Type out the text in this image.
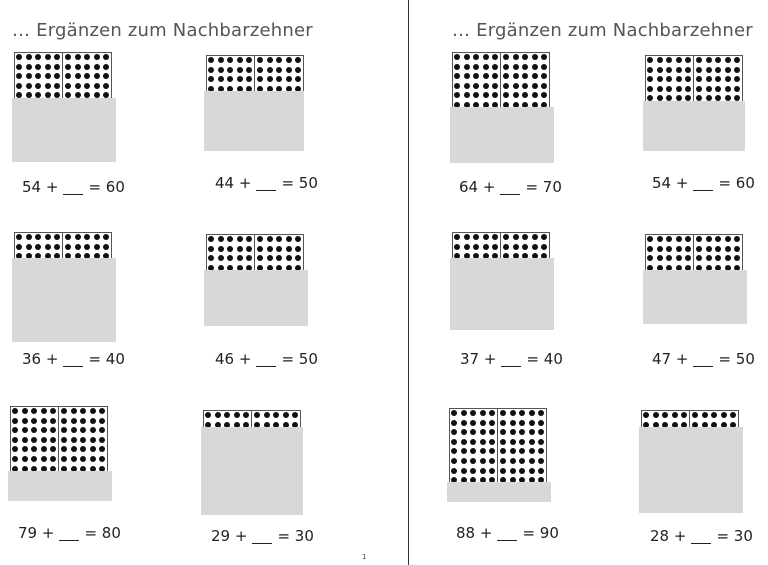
… Ergänzen zum Nachbarzehner	… Ergänzen zum Nachbarzehner
54 + = 60	44 + = 50
36 + = 40	46 + = 50
79 + = 80	29 + = 30
64 + = 70	54 + = 60
37 + = 40	47 + = 50
88 + = 90	28 + = 30
1
